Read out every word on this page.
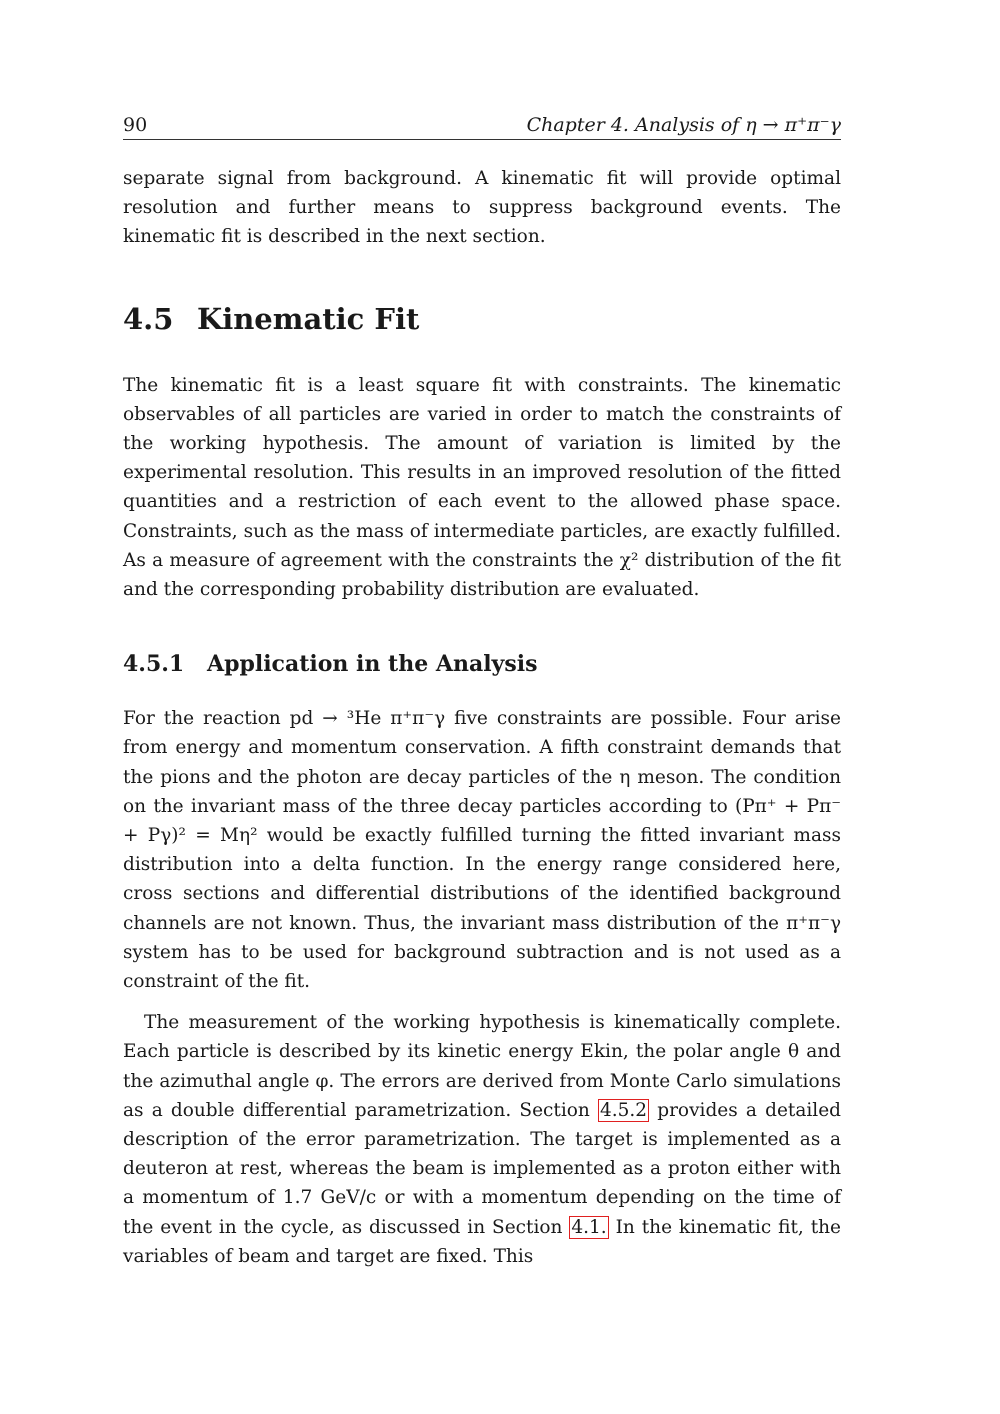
90	Chapter 4. Analysis of η → π⁺π⁻γ

separate signal from background. A kinematic fit will provide optimal resolution and further means to suppress background events. The kinematic fit is described in the next section.

4.5 Kinematic Fit

The kinematic fit is a least square fit with constraints. The kinematic observables of all particles are varied in order to match the constraints of the working hypothesis. The amount of variation is limited by the experimental resolution. This results in an improved resolution of the fitted quantities and a restriction of each event to the allowed phase space. Constraints, such as the mass of intermediate particles, are exactly fulfilled. As a measure of agreement with the constraints the χ² distribution of the fit and the corresponding probability distribution are evaluated.

4.5.1	Application in the Analysis

For the reaction pd → ³He π⁺π⁻γ five constraints are possible. Four arise from energy and momentum conservation. A fifth constraint demands that the pions and the photon are decay particles of the η meson. The condition on the invariant mass of the three decay particles according to (Pπ⁺ + Pπ⁻ + Pγ)² = Mη² would be exactly fulfilled turning the fitted invariant mass distribution into a delta function. In the energy range considered here, cross sections and differential distributions of the identified background channels are not known. Thus, the invariant mass distribution of the π⁺π⁻γ system has to be used for background subtraction and is not used as a constraint of the fit.

The measurement of the working hypothesis is kinematically complete. Each particle is described by its kinetic energy Ekin, the polar angle θ and the azimuthal angle φ. The errors are derived from Monte Carlo simulations as a double differential parametrization. Section 4.5.2 provides a detailed description of the error parametrization. The target is implemented as a deuteron at rest, whereas the beam is implemented as a proton either with a momentum of 1.7 GeV/c or with a momentum depending on the time of the event in the cycle, as discussed in Section 4.1. In the kinematic fit, the variables of beam and target are fixed. This
